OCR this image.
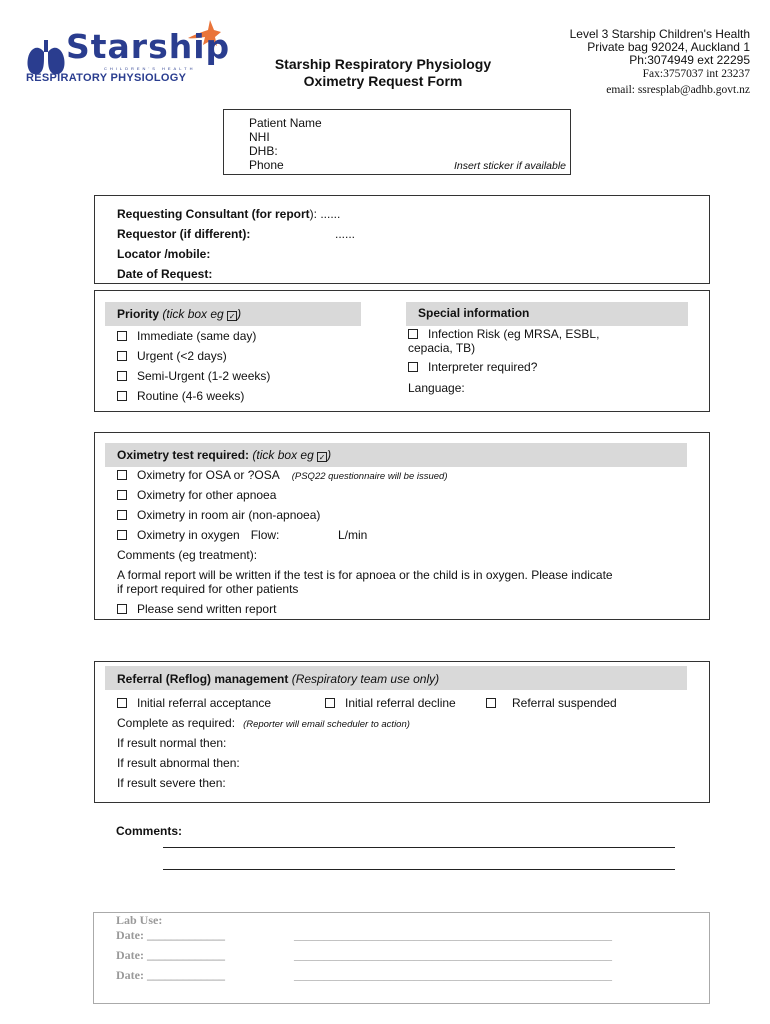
Starship
CHILDREN'S HEALTH
RESPIRATORY PHYSIOLOGY
Starship Respiratory Physiology
Oximetry Request Form
Level 3 Starship Children's Health
Private bag 92024, Auckland 1
Ph:3074949 ext 22295
Fax:3757037 int 23237
email: ssresplab@adhb.govt.nz
Patient Name
NHI
DHB:
Phone	Insert sticker if available
Requesting Consultant (for report): ......
Requestor (if different):	......
Locator /mobile:
Date of Request:
Priority (tick box eg ✓ )
Immediate (same day)
Urgent (<2 days)
Semi-Urgent (1-2 weeks)
Routine (4-6 weeks)
Special information
Infection Risk (eg MRSA, ESBL,
cepacia, TB)
Interpreter required?
Language:
Oximetry test required: (tick box eg ✓ )
Oximetry for OSA or ?OSA (PSQ22 questionnaire will be issued)
Oximetry for other apnoea
Oximetry in room air (non-apnoea)
Oximetry in oxygen Flow:	L/min
Comments (eg treatment):
A formal report will be written if the test is for apnoea or the child is in oxygen. Please indicate
if report required for other patients
Please send written report
Referral (Reflog) management (Respiratory team use only)
Initial referral acceptance	Initial referral decline	Referral suspended
Complete as required: (Reporter will email scheduler to action)
If result normal then:
If result abnormal then:
If result severe then:
Comments:
Lab Use:
Date: _____________	_____________________________________________________
Date: _____________	_____________________________________________________
Date: _____________	_____________________________________________________
